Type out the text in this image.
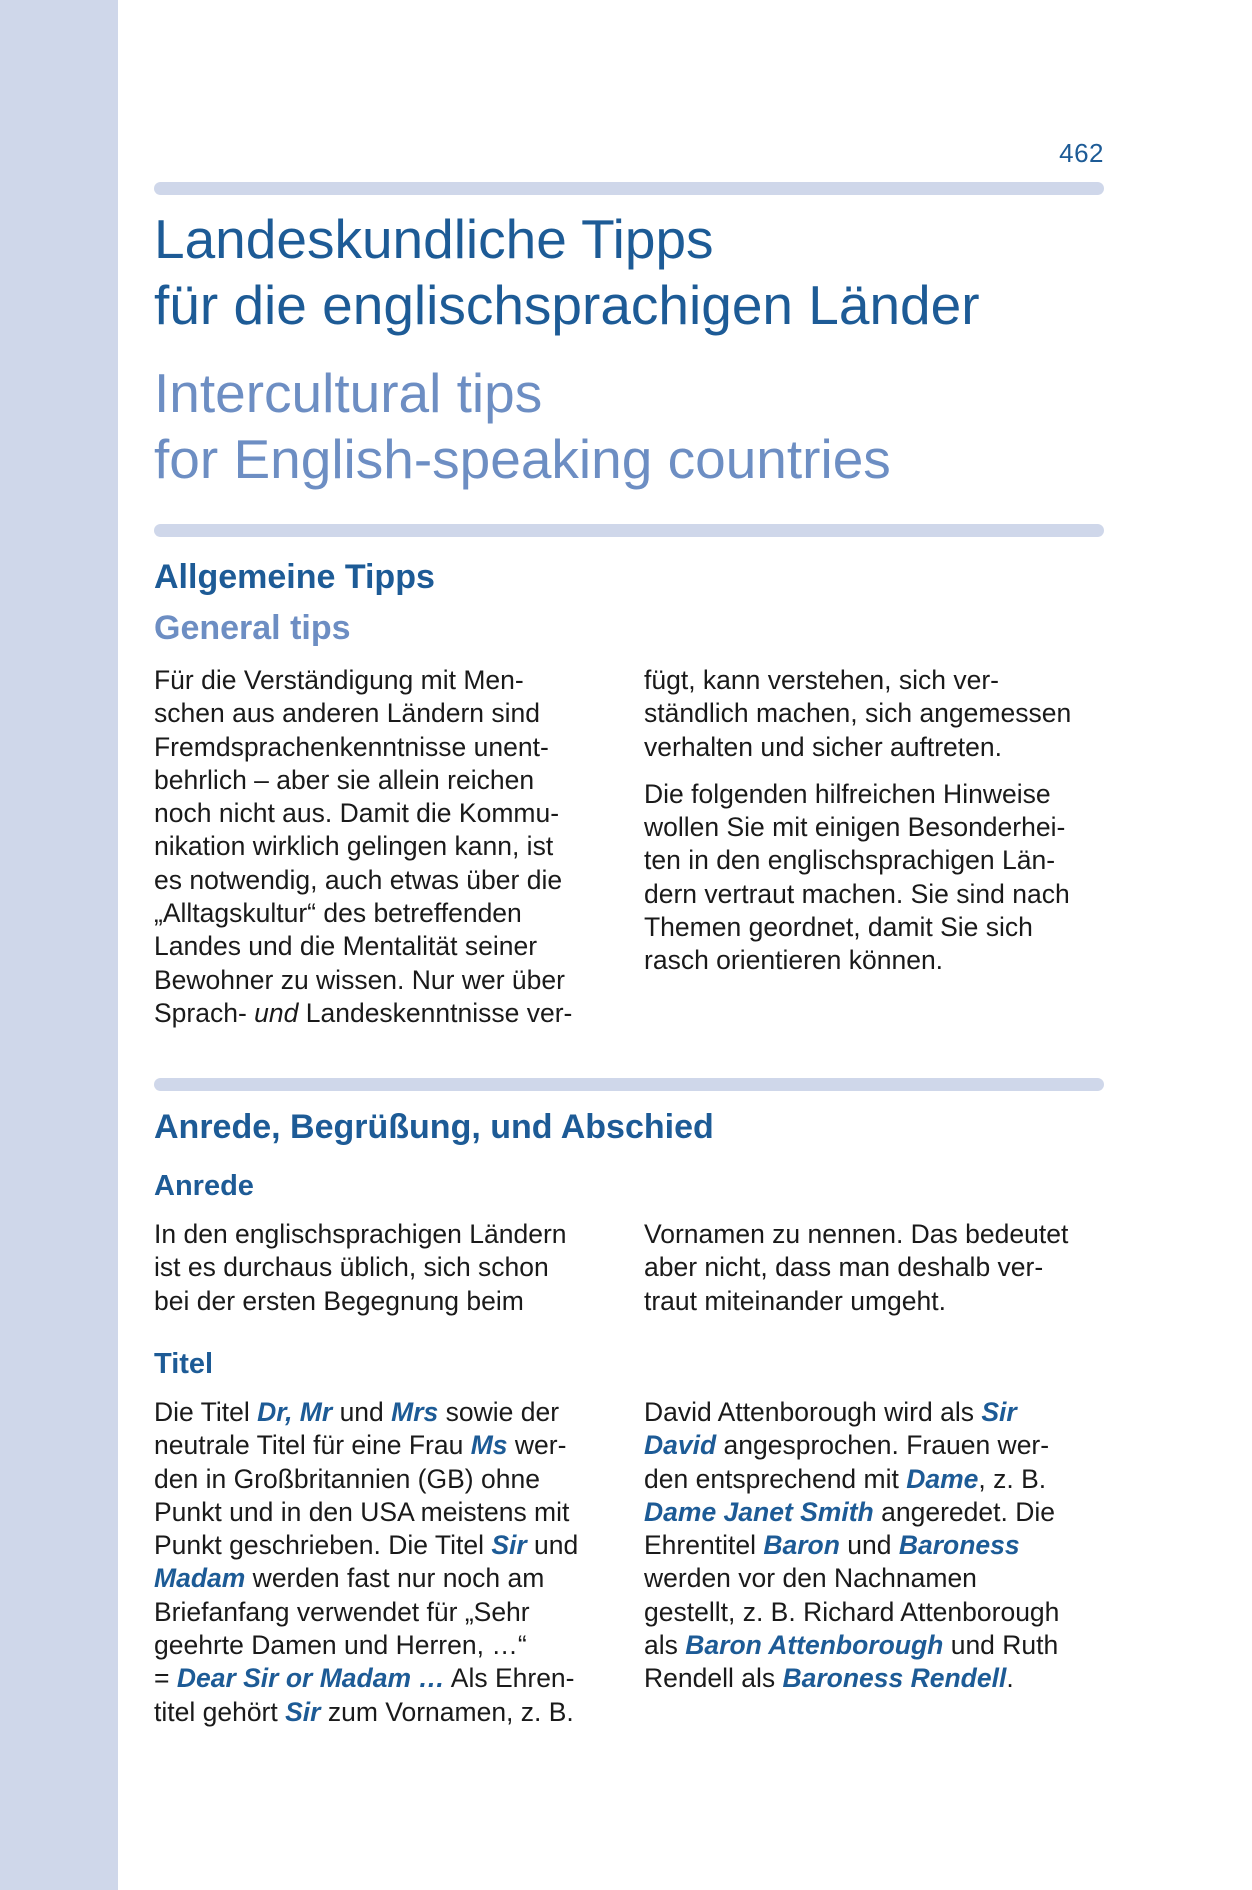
462
Landeskundliche Tipps
für die englischsprachigen Länder
Intercultural tips
for English-speaking countries
Allgemeine Tipps
General tips

Für die Verständigung mit Men-
schen aus anderen Ländern sind
Fremdsprachenkenntnisse unent-
behrlich – aber sie allein reichen
noch nicht aus. Damit die Kommu-
nikation wirklich gelingen kann, ist
es notwendig, auch etwas über die
„Alltagskultur“ des betreffenden
Landes und die Mentalität seiner
Bewohner zu wissen. Nur wer über
Sprach- und Landeskenntnisse ver-

fügt, kann verstehen, sich ver-
ständlich machen, sich angemessen
verhalten und sicher auftreten.

Die folgenden hilfreichen Hinweise
wollen Sie mit einigen Besonderhei-
ten in den englischsprachigen Län-
dern vertraut machen. Sie sind nach
Themen geordnet, damit Sie sich
rasch orientieren können.

Anrede, Begrüßung, und Abschied
Anrede

In den englischsprachigen Ländern
ist es durchaus üblich, sich schon
bei der ersten Begegnung beim

Vornamen zu nennen. Das bedeutet
aber nicht, dass man deshalb ver-
traut miteinander umgeht.

Titel

Die Titel Dr, Mr und Mrs sowie der
neutrale Titel für eine Frau Ms wer-
den in Großbritannien (GB) ohne
Punkt und in den USA meistens mit
Punkt geschrieben. Die Titel Sir und
Madam werden fast nur noch am
Briefanfang verwendet für „Sehr
geehrte Damen und Herren, …“
= Dear Sir or Madam … Als Ehren-
titel gehört Sir zum Vornamen, z. B.

David Attenborough wird als Sir
David angesprochen. Frauen wer-
den entsprechend mit Dame, z. B.
Dame Janet Smith angeredet. Die
Ehrentitel Baron und Baroness
werden vor den Nachnamen
gestellt, z. B. Richard Attenborough
als Baron Attenborough und Ruth
Rendell als Baroness Rendell.
